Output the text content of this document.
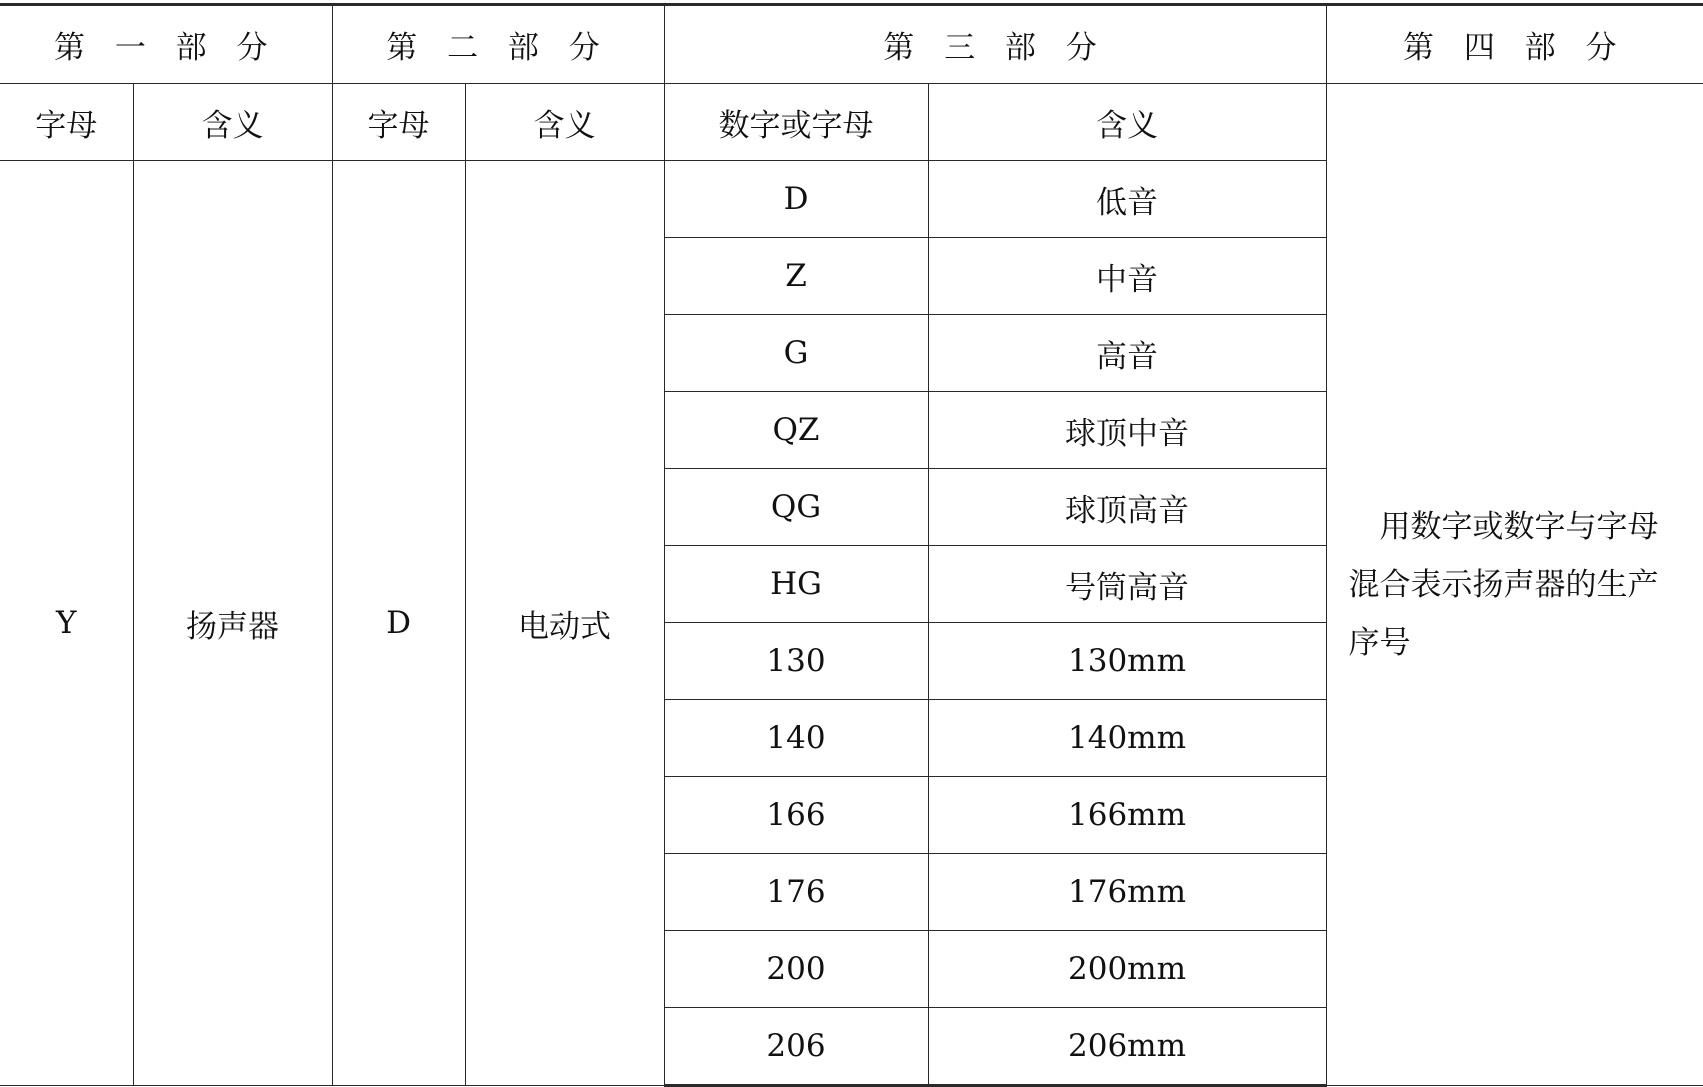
第 一 部 分		第 二 部 分		第 三 部 分		第 四 部 分
字母	含义	字母	含义	数字或字母	含义	用数字或数字与字母混合表示扬声器的生产序号

Y	扬声器	D	电动式	D	低音	
				Z	中音	
				G	高音	
				QZ	球顶中音	
				QG	球顶高音	
				HG	号筒高音	
				130	130mm	
				140	140mm	
				166	166mm	
				176	176mm	
				200	200mm	
				206	206mm	
